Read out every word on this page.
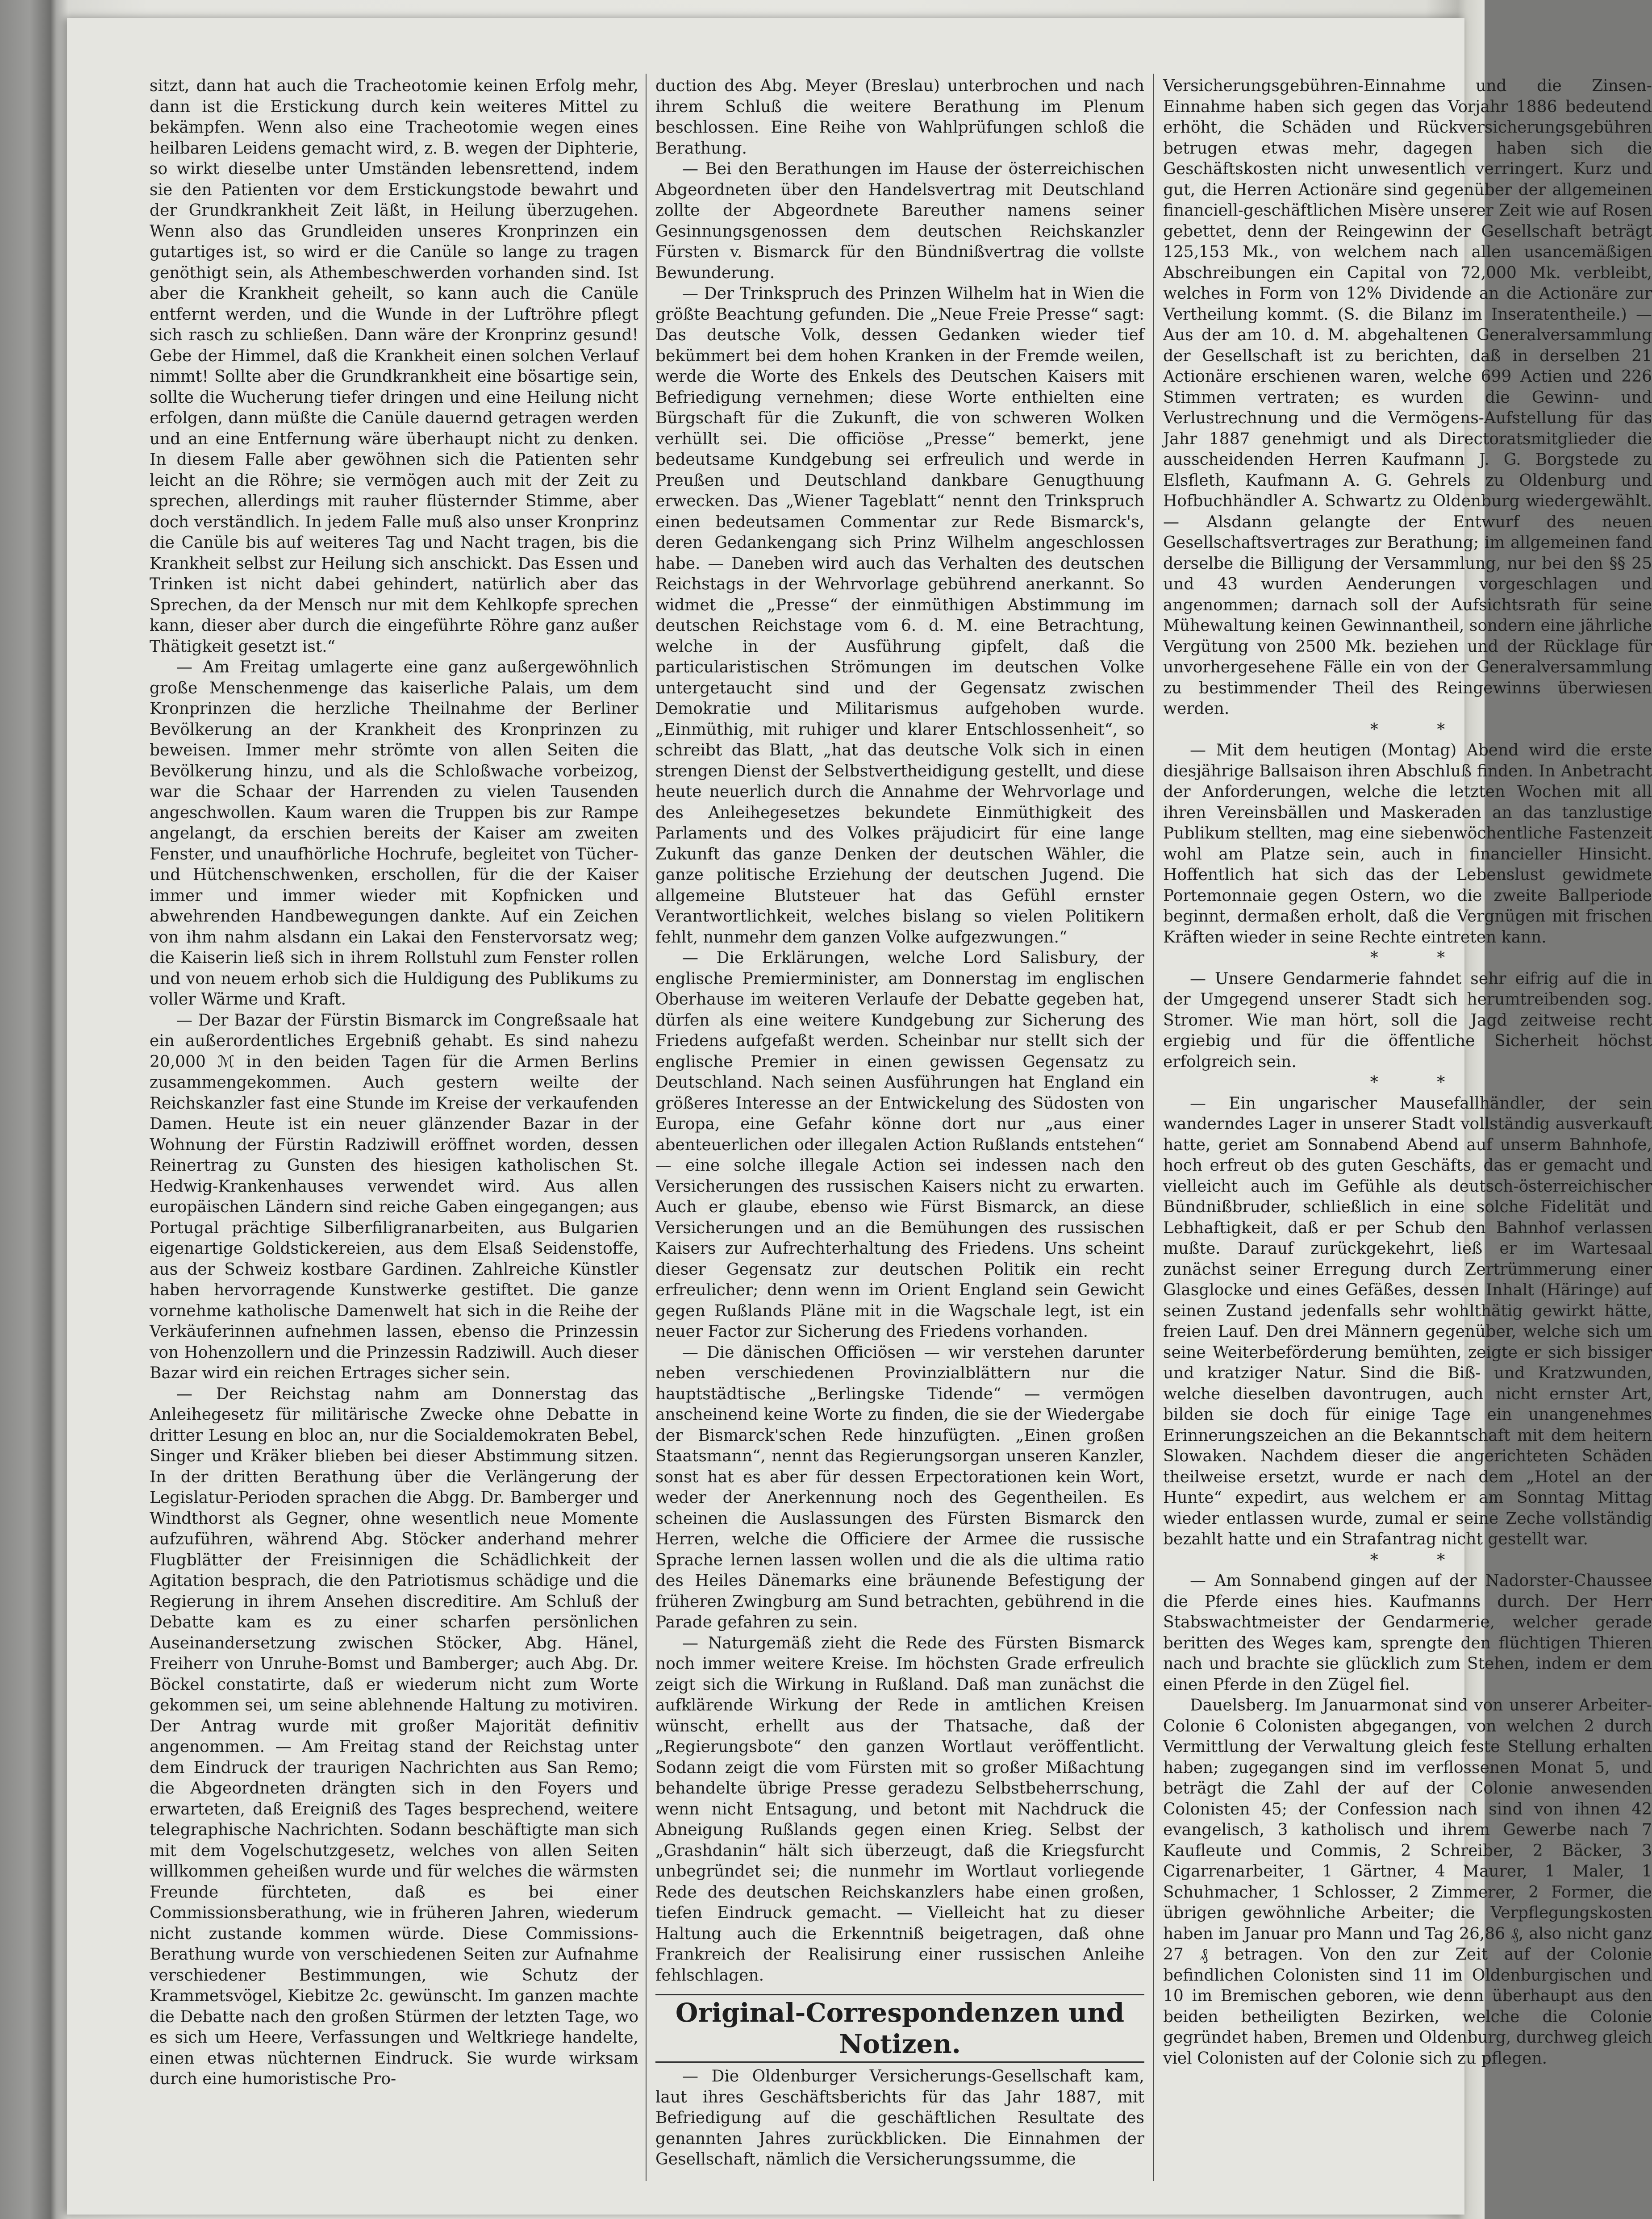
sitzt, dann hat auch die Tracheotomie keinen Erfolg mehr, dann ist die Erstickung durch kein weiteres Mittel zu bekämpfen. Wenn also eine Tracheotomie wegen eines heilbaren Leidens gemacht wird, z. B. wegen der Diphterie, so wirkt dieselbe unter Umständen lebensrettend, indem sie den Patienten vor dem Erstickungstode bewahrt und der Grundkrankheit Zeit läßt, in Heilung überzugehen. Wenn also das Grundleiden unseres Kronprinzen ein gutartiges ist, so wird er die Canüle so lange zu tragen genöthigt sein, als Athembeschwerden vorhanden sind. Ist aber die Krankheit geheilt, so kann auch die Canüle entfernt werden, und die Wunde in der Luftröhre pflegt sich rasch zu schließen. Dann wäre der Kronprinz gesund! Gebe der Himmel, daß die Krankheit einen solchen Verlauf nimmt! Sollte aber die Grundkrankheit eine bösartige sein, sollte die Wucherung tiefer dringen und eine Heilung nicht erfolgen, dann müßte die Canüle dauernd getragen werden und an eine Entfernung wäre überhaupt nicht zu denken. In diesem Falle aber gewöhnen sich die Patienten sehr leicht an die Röhre; sie vermögen auch mit der Zeit zu sprechen, allerdings mit rauher flüsternder Stimme, aber doch verständlich. In jedem Falle muß also unser Kronprinz die Canüle bis auf weiteres Tag und Nacht tragen, bis die Krankheit selbst zur Heilung sich anschickt. Das Essen und Trinken ist nicht dabei gehindert, natürlich aber das Sprechen, da der Mensch nur mit dem Kehlkopfe sprechen kann, dieser aber durch die eingeführte Röhre ganz außer Thätigkeit gesetzt ist.“

— Am Freitag umlagerte eine ganz außergewöhnlich große Menschenmenge das kaiserliche Palais, um dem Kronprinzen die herzliche Theilnahme der Berliner Bevölkerung an der Krankheit des Kronprinzen zu beweisen. Immer mehr strömte von allen Seiten die Bevölkerung hinzu, und als die Schloßwache vorbeizog, war die Schaar der Harrenden zu vielen Tausenden angeschwollen. Kaum waren die Truppen bis zur Rampe angelangt, da erschien bereits der Kaiser am zweiten Fenster, und unaufhörliche Hochrufe, begleitet von Tücher- und Hütchenschwenken, erschollen, für die der Kaiser immer und immer wieder mit Kopfnicken und abwehrenden Handbewegungen dankte. Auf ein Zeichen von ihm nahm alsdann ein Lakai den Fenstervorsatz weg; die Kaiserin ließ sich in ihrem Rollstuhl zum Fenster rollen und von neuem erhob sich die Huldigung des Publikums zu voller Wärme und Kraft.

— Der Bazar der Fürstin Bismarck im Congreßsaale hat ein außerordentliches Ergebniß gehabt. Es sind nahezu 20,000 ℳ in den beiden Tagen für die Armen Berlins zusammengekommen. Auch gestern weilte der Reichskanzler fast eine Stunde im Kreise der verkaufenden Damen. Heute ist ein neuer glänzender Bazar in der Wohnung der Fürstin Radziwill eröffnet worden, dessen Reinertrag zu Gunsten des hiesigen katholischen St. Hedwig-Krankenhauses verwendet wird. Aus allen europäischen Ländern sind reiche Gaben eingegangen; aus Portugal prächtige Silberfiligranarbeiten, aus Bulgarien eigenartige Goldstickereien, aus dem Elsaß Seidenstoffe, aus der Schweiz kostbare Gardinen. Zahlreiche Künstler haben hervorragende Kunstwerke gestiftet. Die ganze vornehme katholische Damenwelt hat sich in die Reihe der Verkäuferinnen aufnehmen lassen, ebenso die Prinzessin von Hohenzollern und die Prinzessin Radziwill. Auch dieser Bazar wird ein reichen Ertrages sicher sein.

— Der Reichstag nahm am Donnerstag das Anleihegesetz für militärische Zwecke ohne Debatte in dritter Lesung en bloc an, nur die Socialdemokraten Bebel, Singer und Kräker blieben bei dieser Abstimmung sitzen. In der dritten Berathung über die Verlängerung der Legislatur-Perioden sprachen die Abgg. Dr. Bamberger und Windthorst als Gegner, ohne wesentlich neue Momente aufzuführen, während Abg. Stöcker anderhand mehrer Flugblätter der Freisinnigen die Schädlichkeit der Agitation besprach, die den Patriotismus schädige und die Regierung in ihrem Ansehen discreditire. Am Schluß der Debatte kam es zu einer scharfen persönlichen Auseinandersetzung zwischen Stöcker, Abg. Hänel, Freiherr von Unruhe-Bomst und Bamberger; auch Abg. Dr. Böckel constatirte, daß er wiederum nicht zum Worte gekommen sei, um seine ablehnende Haltung zu motiviren. Der Antrag wurde mit großer Majorität definitiv angenommen. — Am Freitag stand der Reichstag unter dem Eindruck der traurigen Nachrichten aus San Remo; die Abgeordneten drängten sich in den Foyers und erwarteten, daß Ereigniß des Tages besprechend, weitere telegraphische Nachrichten. Sodann beschäftigte man sich mit dem Vogelschutzgesetz, welches von allen Seiten willkommen geheißen wurde und für welches die wärmsten Freunde fürchteten, daß es bei einer Commissionsberathung, wie in früheren Jahren, wiederum nicht zustande kommen würde. Diese Commissions-Berathung wurde von verschiedenen Seiten zur Aufnahme verschiedener Bestimmungen, wie Schutz der Krammetsvögel, Kiebitze 2c. gewünscht. Im ganzen machte die Debatte nach den großen Stürmen der letzten Tage, wo es sich um Heere, Verfassungen und Weltkriege handelte, einen etwas nüchternen Eindruck. Sie wurde wirksam durch eine humoristische Pro-

duction des Abg. Meyer (Breslau) unterbrochen und nach ihrem Schluß die weitere Berathung im Plenum beschlossen. Eine Reihe von Wahlprüfungen schloß die Berathung.

— Bei den Berathungen im Hause der österreichischen Abgeordneten über den Handelsvertrag mit Deutschland zollte der Abgeordnete Bareuther namens seiner Gesinnungsgenossen dem deutschen Reichskanzler Fürsten v. Bismarck für den Bündnißvertrag die vollste Bewunderung.

— Der Trinkspruch des Prinzen Wilhelm hat in Wien die größte Beachtung gefunden. Die „Neue Freie Presse“ sagt: Das deutsche Volk, dessen Gedanken wieder tief bekümmert bei dem hohen Kranken in der Fremde weilen, werde die Worte des Enkels des Deutschen Kaisers mit Befriedigung vernehmen; diese Worte enthielten eine Bürgschaft für die Zukunft, die von schweren Wolken verhüllt sei. Die officiöse „Presse“ bemerkt, jene bedeutsame Kundgebung sei erfreulich und werde in Preußen und Deutschland dankbare Genugthuung erwecken. Das „Wiener Tageblatt“ nennt den Trinkspruch einen bedeutsamen Commentar zur Rede Bismarck's, deren Gedankengang sich Prinz Wilhelm angeschlossen habe. — Daneben wird auch das Verhalten des deutschen Reichstags in der Wehrvorlage gebührend anerkannt. So widmet die „Presse“ der einmüthigen Abstimmung im deutschen Reichstage vom 6. d. M. eine Betrachtung, welche in der Ausführung gipfelt, daß die particularistischen Strömungen im deutschen Volke untergetaucht sind und der Gegensatz zwischen Demokratie und Militarismus aufgehoben wurde. „Einmüthig, mit ruhiger und klarer Entschlossenheit“, so schreibt das Blatt, „hat das deutsche Volk sich in einen strengen Dienst der Selbstvertheidigung gestellt, und diese heute neuerlich durch die Annahme der Wehrvorlage und des Anleihegesetzes bekundete Einmüthigkeit des Parlaments und des Volkes präjudicirt für eine lange Zukunft das ganze Denken der deutschen Wähler, die ganze politische Erziehung der deutschen Jugend. Die allgemeine Blutsteuer hat das Gefühl ernster Verantwortlichkeit, welches bislang so vielen Politikern fehlt, nunmehr dem ganzen Volke aufgezwungen.“

— Die Erklärungen, welche Lord Salisbury, der englische Premierminister, am Donnerstag im englischen Oberhause im weiteren Verlaufe der Debatte gegeben hat, dürfen als eine weitere Kundgebung zur Sicherung des Friedens aufgefaßt werden. Scheinbar nur stellt sich der englische Premier in einen gewissen Gegensatz zu Deutschland. Nach seinen Ausführungen hat England ein größeres Interesse an der Entwickelung des Südosten von Europa, eine Gefahr könne dort nur „aus einer abenteuerlichen oder illegalen Action Rußlands entstehen“ — eine solche illegale Action sei indessen nach den Versicherungen des russischen Kaisers nicht zu erwarten. Auch er glaube, ebenso wie Fürst Bismarck, an diese Versicherungen und an die Bemühungen des russischen Kaisers zur Aufrechterhaltung des Friedens. Uns scheint dieser Gegensatz zur deutschen Politik ein recht erfreulicher; denn wenn im Orient England sein Gewicht gegen Rußlands Pläne mit in die Wagschale legt, ist ein neuer Factor zur Sicherung des Friedens vorhanden.

— Die dänischen Officiösen — wir verstehen darunter neben verschiedenen Provinzialblättern nur die hauptstädtische „Berlingske Tidende“ — vermögen anscheinend keine Worte zu finden, die sie der Wiedergabe der Bismarck'schen Rede hinzufügten. „Einen großen Staatsmann“, nennt das Regierungsorgan unseren Kanzler, sonst hat es aber für dessen Erpectorationen kein Wort, weder der Anerkennung noch des Gegentheilen. Es scheinen die Auslassungen des Fürsten Bismarck den Herren, welche die Officiere der Armee die russische Sprache lernen lassen wollen und die als die ultima ratio des Heiles Dänemarks eine bräunende Befestigung der früheren Zwingburg am Sund betrachten, gebührend in die Parade gefahren zu sein.

— Naturgemäß zieht die Rede des Fürsten Bismarck noch immer weitere Kreise. Im höchsten Grade erfreulich zeigt sich die Wirkung in Rußland. Daß man zunächst die aufklärende Wirkung der Rede in amtlichen Kreisen wünscht, erhellt aus der Thatsache, daß der „Regierungsbote“ den ganzen Wortlaut veröffentlicht. Sodann zeigt die vom Fürsten mit so großer Mißachtung behandelte übrige Presse geradezu Selbstbeherrschung, wenn nicht Entsagung, und betont mit Nachdruck die Abneigung Rußlands gegen einen Krieg. Selbst der „Grashdanin“ hält sich überzeugt, daß die Kriegsfurcht unbegründet sei; die nunmehr im Wortlaut vorliegende Rede des deutschen Reichskanzlers habe einen großen, tiefen Eindruck gemacht. — Vielleicht hat zu dieser Haltung auch die Erkenntniß beigetragen, daß ohne Frankreich der Realisirung einer russischen Anleihe fehlschlagen.

Original-Correspondenzen und Notizen.

— Die Oldenburger Versicherungs-Gesellschaft kam, laut ihres Geschäftsberichts für das Jahr 1887, mit Befriedigung auf die geschäftlichen Resultate des genannten Jahres zurückblicken. Die Einnahmen der Gesellschaft, nämlich die Versicherungssumme, die

Versicherungsgebühren-Einnahme und die Zinsen-Einnahme haben sich gegen das Vorjahr 1886 bedeutend erhöht, die Schäden und Rückversicherungsgebühren betrugen etwas mehr, dagegen haben sich die Geschäftskosten nicht unwesentlich verringert. Kurz und gut, die Herren Actionäre sind gegenüber der allgemeinen financiell-geschäftlichen Misère unserer Zeit wie auf Rosen gebettet, denn der Reingewinn der Gesellschaft beträgt 125,153 Mk., von welchem nach allen usancemäßigen Abschreibungen ein Capital von 72,000 Mk. verbleibt, welches in Form von 12% Dividende an die Actionäre zur Vertheilung kommt. (S. die Bilanz im Inseratentheile.) — Aus der am 10. d. M. abgehaltenen Generalversammlung der Gesellschaft ist zu berichten, daß in derselben 21 Actionäre erschienen waren, welche 699 Actien und 226 Stimmen vertraten; es wurden die Gewinn- und Verlustrechnung und die Vermögens-Aufstellung für das Jahr 1887 genehmigt und als Directoratsmitglieder die ausscheidenden Herren Kaufmann J. G. Borgstede zu Elsfleth, Kaufmann A. G. Gehrels zu Oldenburg und Hofbuchhändler A. Schwartz zu Oldenburg wiedergewählt. — Alsdann gelangte der Entwurf des neuen Gesellschaftsvertrages zur Berathung; im allgemeinen fand derselbe die Billigung der Versammlung, nur bei den §§ 25 und 43 wurden Aenderungen vorgeschlagen und angenommen; darnach soll der Aufsichtsrath für seine Mühewaltung keinen Gewinnantheil, sondern eine jährliche Vergütung von 2500 Mk. beziehen und der Rücklage für unvorhergesehene Fälle ein von der Generalversammlung zu bestimmender Theil des Reingewinns überwiesen werden.

* *

— Mit dem heutigen (Montag) Abend wird die erste diesjährige Ballsaison ihren Abschluß finden. In Anbetracht der Anforderungen, welche die letzten Wochen mit all ihren Vereinsbällen und Maskeraden an das tanzlustige Publikum stellten, mag eine siebenwöchentliche Fastenzeit wohl am Platze sein, auch in financieller Hinsicht. Hoffentlich hat sich das der Lebenslust gewidmete Portemonnaie gegen Ostern, wo die zweite Ballperiode beginnt, dermaßen erholt, daß die Vergnügen mit frischen Kräften wieder in seine Rechte eintreten kann.

* *

— Unsere Gendarmerie fahndet sehr eifrig auf die in der Umgegend unserer Stadt sich herumtreibenden sog. Stromer. Wie man hört, soll die Jagd zeitweise recht ergiebig und für die öffentliche Sicherheit höchst erfolgreich sein.

* *

— Ein ungarischer Mausefallhändler, der sein wanderndes Lager in unserer Stadt vollständig ausverkauft hatte, geriet am Sonnabend Abend auf unserm Bahnhofe, hoch erfreut ob des guten Geschäfts, das er gemacht und vielleicht auch im Gefühle als deutsch-österreichischer Bündnißbruder, schließlich in eine solche Fidelität und Lebhaftigkeit, daß er per Schub den Bahnhof verlassen mußte. Darauf zurückgekehrt, ließ er im Wartesaal zunächst seiner Erregung durch Zertrümmerung einer Glasglocke und eines Gefäßes, dessen Inhalt (Häringe) auf seinen Zustand jedenfalls sehr wohlthätig gewirkt hätte, freien Lauf. Den drei Männern gegenüber, welche sich um seine Weiterbeförderung bemühten, zeigte er sich bissiger und kratziger Natur. Sind die Biß- und Kratzwunden, welche dieselben davontrugen, auch nicht ernster Art, bilden sie doch für einige Tage ein unangenehmes Erinnerungszeichen an die Bekanntschaft mit dem heitern Slowaken. Nachdem dieser die angerichteten Schäden theilweise ersetzt, wurde er nach dem „Hotel an der Hunte“ expedirt, aus welchem er am Sonntag Mittag wieder entlassen wurde, zumal er seine Zeche vollständig bezahlt hatte und ein Strafantrag nicht gestellt war.

* *

— Am Sonnabend gingen auf der Nadorster-Chaussee die Pferde eines hies. Kaufmanns durch. Der Herr Stabswachtmeister der Gendarmerie, welcher gerade beritten des Weges kam, sprengte den flüchtigen Thieren nach und brachte sie glücklich zum Stehen, indem er dem einen Pferde in den Zügel fiel.

Dauelsberg. Im Januarmonat sind von unserer Arbeiter-Colonie 6 Colonisten abgegangen, von welchen 2 durch Vermittlung der Verwaltung gleich feste Stellung erhalten haben; zugegangen sind im verflossenen Monat 5, und beträgt die Zahl der auf der Colonie anwesenden Colonisten 45; der Confession nach sind von ihnen 42 evangelisch, 3 katholisch und ihrem Gewerbe nach 7 Kaufleute und Commis, 2 Schreiber, 2 Bäcker, 3 Cigarrenarbeiter, 1 Gärtner, 4 Maurer, 1 Maler, 1 Schuhmacher, 1 Schlosser, 2 Zimmerer, 2 Former, die übrigen gewöhnliche Arbeiter; die Verpflegungskosten haben im Januar pro Mann und Tag 26,86 ₰, also nicht ganz 27 ₰ betragen. Von den zur Zeit auf der Colonie befindlichen Colonisten sind 11 im Oldenburgischen und 10 im Bremischen geboren, wie denn überhaupt aus den beiden betheiligten Bezirken, welche die Colonie gegründet haben, Bremen und Oldenburg, durchweg gleich viel Colonisten auf der Colonie sich zu pflegen.
